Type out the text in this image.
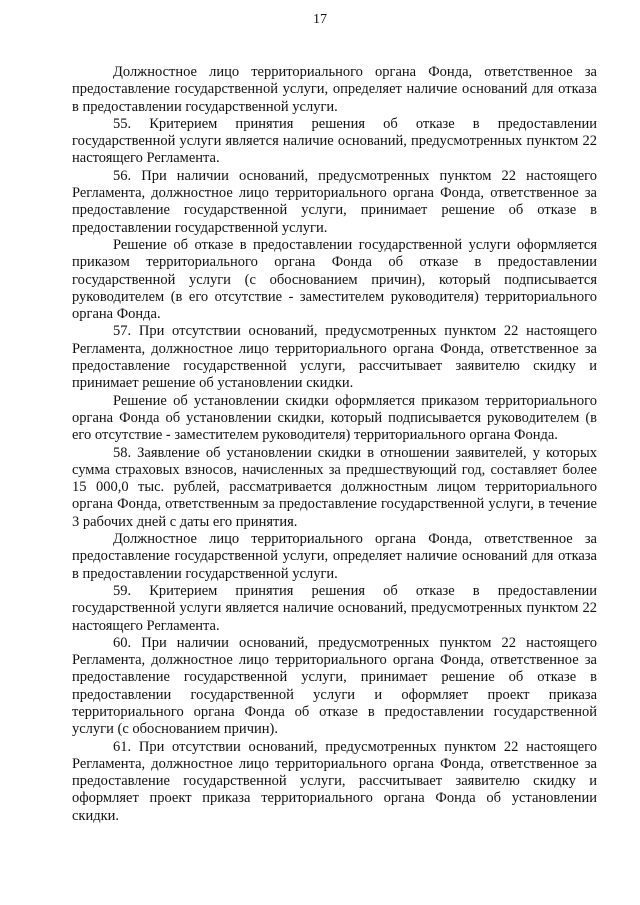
17

Должностное лицо территориального органа Фонда, ответственное за предоставление государственной услуги, определяет наличие оснований для отказа в предоставлении государственной услуги.

55. Критерием принятия решения об отказе в предоставлении государственной услуги является наличие оснований, предусмотренных пунктом 22 настоящего Регламента.

56. При наличии оснований, предусмотренных пунктом 22 настоящего Регламента, должностное лицо территориального органа Фонда, ответственное за предоставление государственной услуги, принимает решение об отказе в предоставлении государственной услуги.

Решение об отказе в предоставлении государственной услуги оформляется приказом территориального органа Фонда об отказе в предоставлении государственной услуги (с обоснованием причин), который подписывается руководителем (в его отсутствие - заместителем руководителя) территориального органа Фонда.

57. При отсутствии оснований, предусмотренных пунктом 22 настоящего Регламента, должностное лицо территориального органа Фонда, ответственное за предоставление государственной услуги, рассчитывает заявителю скидку и принимает решение об установлении скидки.

Решение об установлении скидки оформляется приказом территориального органа Фонда об установлении скидки, который подписывается руководителем (в его отсутствие - заместителем руководителя) территориального органа Фонда.

58. Заявление об установлении скидки в отношении заявителей, у которых сумма страховых взносов, начисленных за предшествующий год, составляет более 15 000,0 тыс. рублей, рассматривается должностным лицом территориального органа Фонда, ответственным за предоставление государственной услуги, в течение 3 рабочих дней с даты его принятия.

Должностное лицо территориального органа Фонда, ответственное за предоставление государственной услуги, определяет наличие оснований для отказа в предоставлении государственной услуги.

59. Критерием принятия решения об отказе в предоставлении государственной услуги является наличие оснований, предусмотренных пунктом 22 настоящего Регламента.

60. При наличии оснований, предусмотренных пунктом 22 настоящего Регламента, должностное лицо территориального органа Фонда, ответственное за предоставление государственной услуги, принимает решение об отказе в предоставлении государственной услуги и оформляет проект приказа территориального органа Фонда об отказе в предоставлении государственной услуги (с обоснованием причин).

61. При отсутствии оснований, предусмотренных пунктом 22 настоящего Регламента, должностное лицо территориального органа Фонда, ответственное за предоставление государственной услуги, рассчитывает заявителю скидку и оформляет проект приказа территориального органа Фонда об установлении скидки.
